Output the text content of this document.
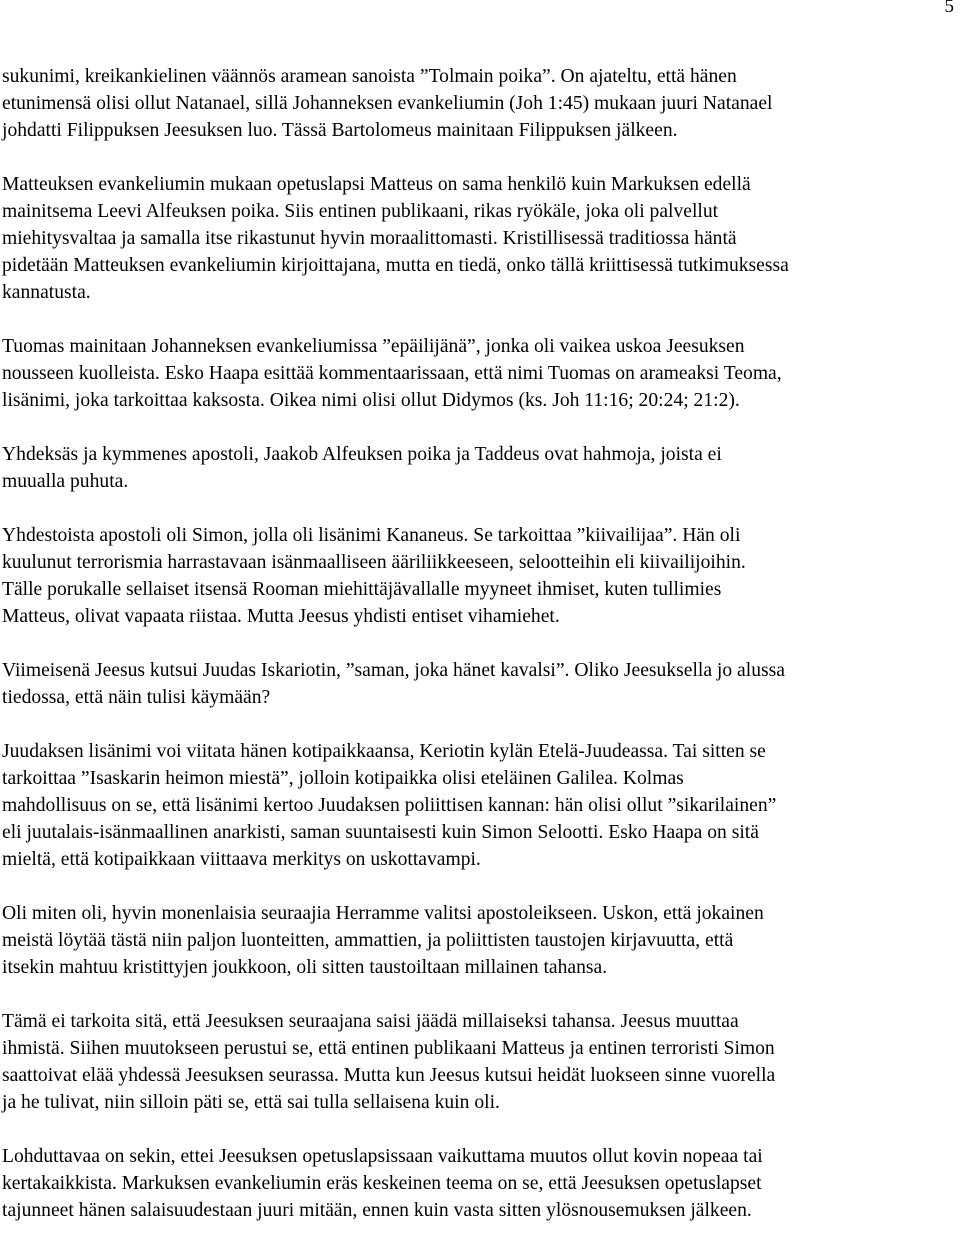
5

sukunimi, kreikankielinen väännös aramean sanoista ”Tolmain poika”. On ajateltu, että hänen
etunimensä olisi ollut Natanael, sillä Johanneksen evankeliumin (Joh 1:45) mukaan juuri Natanael
johdatti Filippuksen Jeesuksen luo. Tässä Bartolomeus mainitaan Filippuksen jälkeen.

Matteuksen evankeliumin mukaan opetuslapsi Matteus on sama henkilö kuin Markuksen edellä
mainitsema Leevi Alfeuksen poika. Siis entinen publikaani, rikas ryökäle, joka oli palvellut
miehitysvaltaa ja samalla itse rikastunut hyvin moraalittomasti. Kristillisessä traditiossa häntä
pidetään Matteuksen evankeliumin kirjoittajana, mutta en tiedä, onko tällä kriittisessä tutkimuksessa
kannatusta.

Tuomas mainitaan Johanneksen evankeliumissa ”epäilijänä”, jonka oli vaikea uskoa Jeesuksen
nousseen kuolleista. Esko Haapa esittää kommentaarissaan, että nimi Tuomas on arameaksi Teoma,
lisänimi, joka tarkoittaa kaksosta. Oikea nimi olisi ollut Didymos (ks. Joh 11:16; 20:24; 21:2).

Yhdeksäs ja kymmenes apostoli, Jaakob Alfeuksen poika ja Taddeus ovat hahmoja, joista ei
muualla puhuta.

Yhdestoista apostoli oli Simon, jolla oli lisänimi Kananeus. Se tarkoittaa ”kiivailijaa”. Hän oli
kuulunut terrorismia harrastavaan isänmaalliseen ääriliikkeeseen, selootteihin eli kiivailijoihin.
Tälle porukalle sellaiset itsensä Rooman miehittäjävallalle myyneet ihmiset, kuten tullimies
Matteus, olivat vapaata riistaa. Mutta Jeesus yhdisti entiset vihamiehet.

Viimeisenä Jeesus kutsui Juudas Iskariotin, ”saman, joka hänet kavalsi”. Oliko Jeesuksella jo alussa
tiedossa, että näin tulisi käymään?

Juudaksen lisänimi voi viitata hänen kotipaikkaansa, Keriotin kylän Etelä-Juudeassa. Tai sitten se
tarkoittaa ”Isaskarin heimon miestä”, jolloin kotipaikka olisi eteläinen Galilea. Kolmas
mahdollisuus on se, että lisänimi kertoo Juudaksen poliittisen kannan: hän olisi ollut ”sikarilainen”
eli juutalais-isänmaallinen anarkisti, saman suuntaisesti kuin Simon Selootti. Esko Haapa on sitä
mieltä, että kotipaikkaan viittaava merkitys on uskottavampi.

Oli miten oli, hyvin monenlaisia seuraajia Herramme valitsi apostoleikseen. Uskon, että jokainen
meistä löytää tästä niin paljon luonteitten, ammattien, ja poliittisten taustojen kirjavuutta, että
itsekin mahtuu kristittyjen joukkoon, oli sitten taustoiltaan millainen tahansa.

Tämä ei tarkoita sitä, että Jeesuksen seuraajana saisi jäädä millaiseksi tahansa. Jeesus muuttaa
ihmistä. Siihen muutokseen perustui se, että entinen publikaani Matteus ja entinen terroristi Simon
saattoivat elää yhdessä Jeesuksen seurassa. Mutta kun Jeesus kutsui heidät luokseen sinne vuorella
ja he tulivat, niin silloin päti se, että sai tulla sellaisena kuin oli.

Lohduttavaa on sekin, ettei Jeesuksen opetuslapsissaan vaikuttama muutos ollut kovin nopeaa tai
kertakaikkista. Markuksen evankeliumin eräs keskeinen teema on se, että Jeesuksen opetuslapset
tajunneet hänen salaisuudestaan juuri mitään, ennen kuin vasta sitten ylösnousemuksen jälkeen.
